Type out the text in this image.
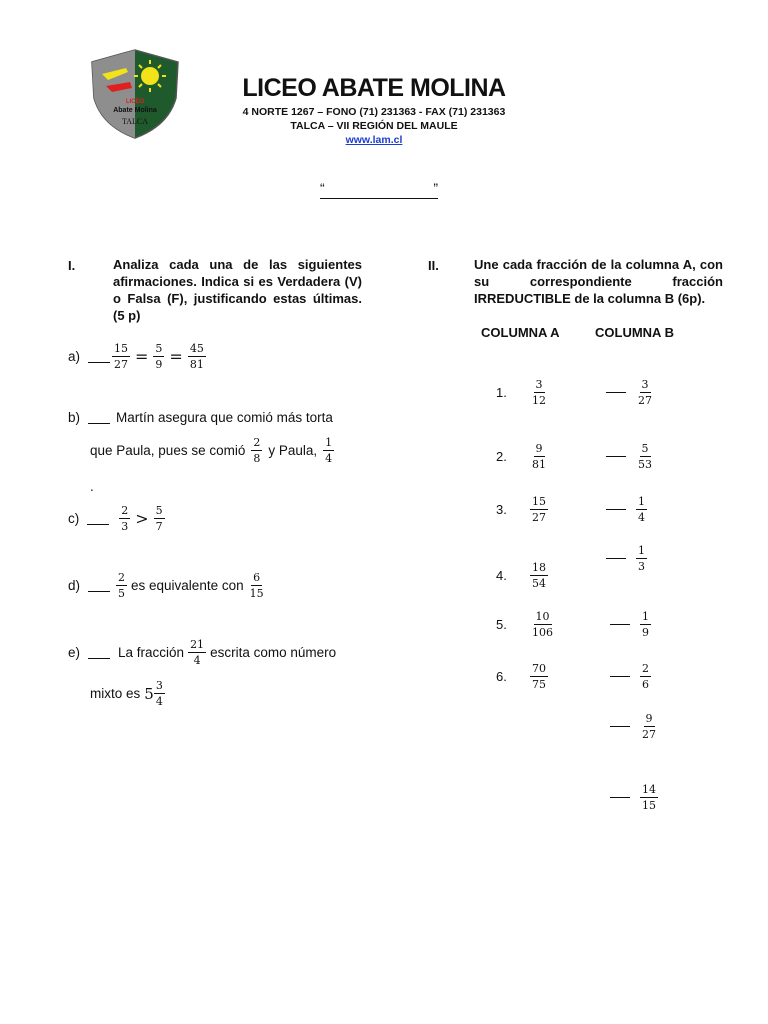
LICEO
Abate Molina
TALCA
LICEO ABATE MOLINA
4 NORTE 1267 – FONO (71) 231363 - FAX (71) 231363
TALCA – VII REGIÓN DEL MAULE
www.lam.cl
“	”
I.	Analiza cada una de las siguientes afirmaciones. Indica si es Verdadera (V) o Falsa (F), justificando estas últimas. (5 p)
a)	$\frac{15}{27} = \frac{5}{9} = \frac{45}{81}$
b)	Martín asegura que comió más torta
que Paula, pues se comió $\frac{2}{8}$ y Paula, $\frac{1}{4}$
.
c)	$\frac{2}{3} > \frac{5}{7}$
d)	$\frac{2}{5}$ es equivalente con $\frac{6}{15}$
e)	La fracción $\frac{21}{4}$ escrita como número
mixto es $5 \frac{3}{4}$
II.	Une cada fracción de la columna A, con su correspondiente fracción IRREDUCTIBLE de la columna B (6p).
COLUMNA A	COLUMNA B
1.	$\frac{3}{12}$
2.	$\frac{9}{81}$
3.	$\frac{15}{27}$
4.	$\frac{18}{54}$
5.	$\frac{10}{106}$
6.	$\frac{70}{75}$
$\frac{3}{27}$
$\frac{5}{53}$
$\frac{1}{4}$
$\frac{1}{3}$
$\frac{1}{9}$
$\frac{2}{6}$
$\frac{9}{27}$
$\frac{14}{15}$
